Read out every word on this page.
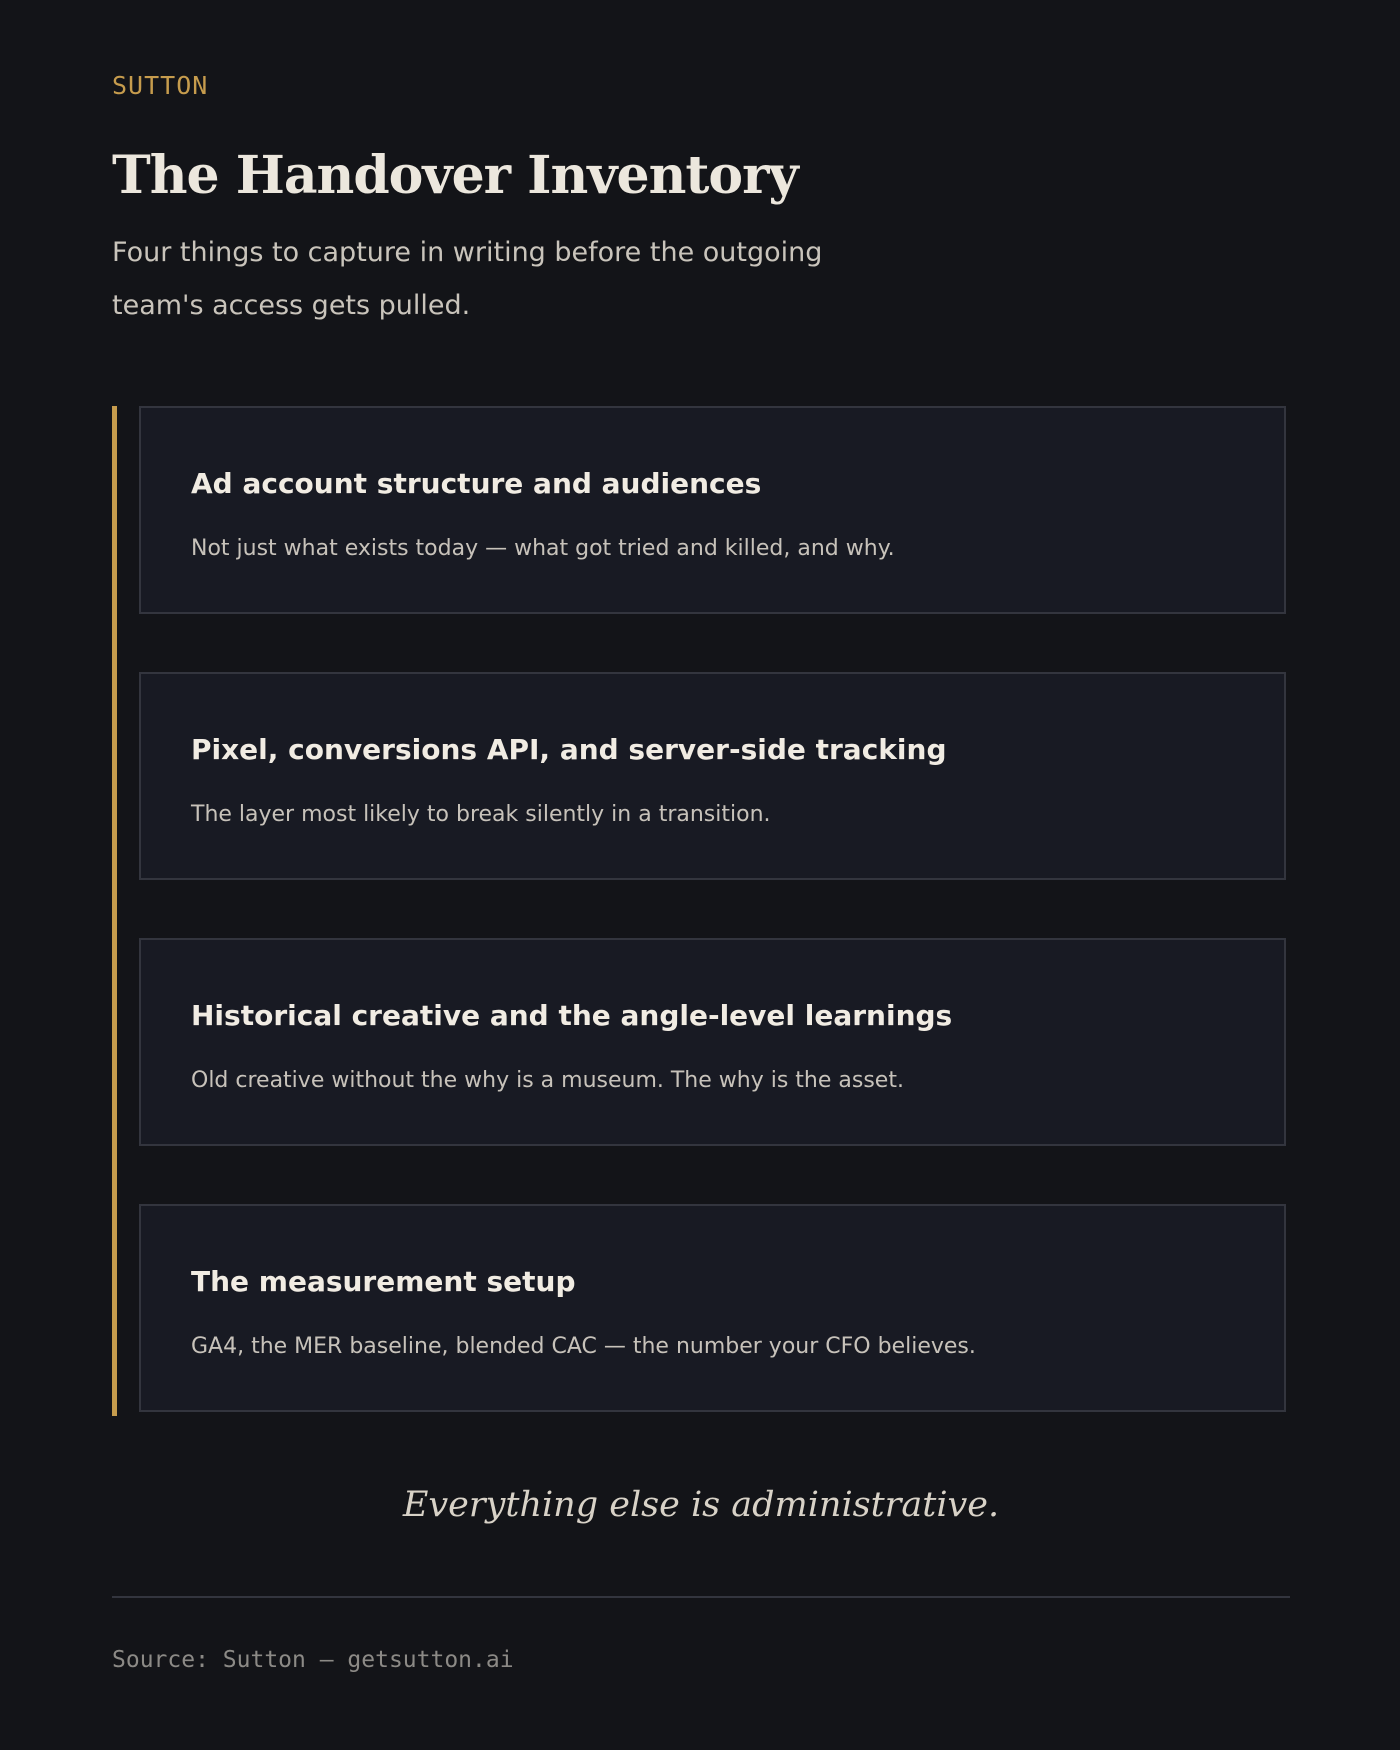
SUTTON
The Handover Inventory

Four things to capture in writing before the outgoing team's access gets pulled.

Ad account structure and audiences

Not just what exists today — what got tried and killed, and why.

Pixel, conversions API, and server-side tracking

The layer most likely to break silently in a transition.

Historical creative and the angle-level learnings

Old creative without the why is a museum. The why is the asset.

The measurement setup

GA4, the MER baseline, blended CAC — the number your CFO believes.

Everything else is administrative.

Source: Sutton — getsutton.ai
